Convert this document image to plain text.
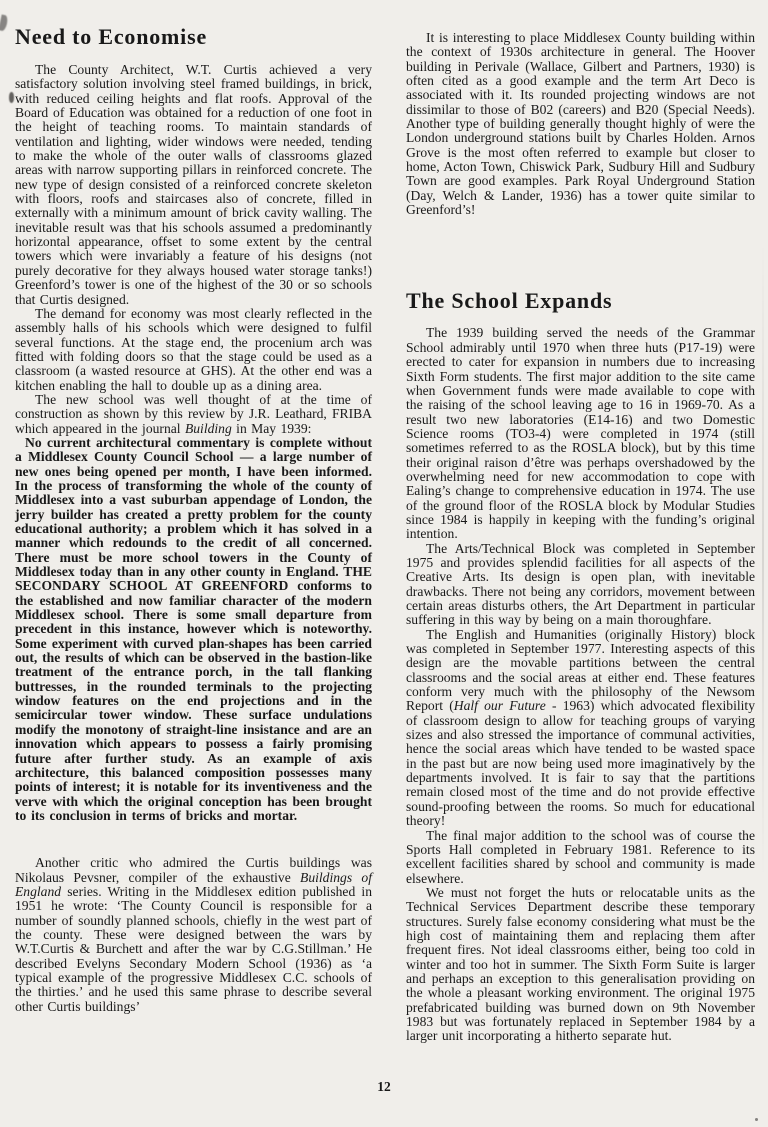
Need to Economise

The County Architect, W.T. Curtis achieved a very satisfactory solution involving steel framed buildings, in brick, with reduced ceiling heights and flat roofs. Approval of the Board of Education was obtained for a reduction of one foot in the height of teaching rooms. To maintain standards of ventilation and lighting, wider windows were needed, tending to make the whole of the outer walls of classrooms glazed areas with narrow supporting pillars in reinforced concrete. The new type of design consisted of a reinforced concrete skeleton with floors, roofs and staircases also of concrete, filled in externally with a minimum amount of brick cavity walling. The inevitable result was that his schools assumed a predominantly horizontal appearance, offset to some extent by the central towers which were invariably a feature of his designs (not purely decorative for they always housed water storage tanks!) Greenford’s tower is one of the highest of the 30 or so schools that Curtis designed.

The demand for economy was most clearly reflected in the assembly halls of his schools which were designed to fulfil several functions. At the stage end, the procenium arch was fitted with folding doors so that the stage could be used as a classroom (a wasted resource at GHS). At the other end was a kitchen enabling the hall to double up as a dining area.

The new school was well thought of at the time of construction as shown by this review by J.R. Leathard, FRIBA which appeared in the journal Building in May 1939:

No current architectural commentary is complete without a Middlesex County Council School — a large number of new ones being opened per month, I have been informed. In the process of transforming the whole of the county of Middlesex into a vast suburban appendage of London, the jerry builder has created a pretty problem for the county educational authority; a problem which it has solved in a manner which redounds to the credit of all concerned. There must be more school towers in the County of Middlesex today than in any other county in England. THE SECONDARY SCHOOL AT GREENFORD conforms to the established and now familiar character of the modern Middlesex school. There is some small departure from precedent in this instance, however which is noteworthy. Some experiment with curved plan-shapes has been carried out, the results of which can be observed in the bastion-like treatment of the entrance porch, in the tall flanking buttresses, in the rounded terminals to the projecting window features on the end projections and in the semicircular tower window. These surface undulations modify the monotony of straight-line insistance and are an innovation which appears to possess a fairly promising future after further study. As an example of axis architecture, this balanced composition possesses many points of interest; it is notable for its inventiveness and the verve with which the original conception has been brought to its conclusion in terms of bricks and mortar.

Another critic who admired the Curtis buildings was Nikolaus Pevsner, compiler of the exhaustive Buildings of England series. Writing in the Middlesex edition published in 1951 he wrote: ‘The County Council is responsible for a number of soundly planned schools, chiefly in the west part of the county. These were designed between the wars by W.T.Curtis & Burchett and after the war by C.G.Stillman.’ He described Evelyns Secondary Modern School (1936) as ‘a typical example of the progressive Middlesex C.C. schools of the thirties.’ and he used this same phrase to describe several other Curtis buildings’

It is interesting to place Middlesex County building within the context of 1930s architecture in general. The Hoover building in Perivale (Wallace, Gilbert and Partners, 1930) is often cited as a good example and the term Art Deco is associated with it. Its rounded projecting windows are not dissimilar to those of B02 (careers) and B20 (Special Needs). Another type of building generally thought highly of were the London underground stations built by Charles Holden. Arnos Grove is the most often referred to example but closer to home, Acton Town, Chiswick Park, Sudbury Hill and Sudbury Town are good examples. Park Royal Underground Station (Day, Welch & Lander, 1936) has a tower quite similar to Greenford’s!

The School Expands

The 1939 building served the needs of the Grammar School admirably until 1970 when three huts (P17-19) were erected to cater for expansion in numbers due to increasing Sixth Form students. The first major addition to the site came when Government funds were made available to cope with the raising of the school leaving age to 16 in 1969-70. As a result two new laboratories (E14-16) and two Domestic Science rooms (TO3-4) were completed in 1974 (still sometimes referred to as the ROSLA block), but by this time their original raison d’être was perhaps overshadowed by the overwhelming need for new accommodation to cope with Ealing’s change to comprehensive education in 1974. The use of the ground floor of the ROSLA block by Modular Studies since 1984 is happily in keeping with the funding’s original intention.

The Arts/Technical Block was completed in September 1975 and provides splendid facilities for all aspects of the Creative Arts. Its design is open plan, with inevitable drawbacks. There not being any corridors, movement between certain areas disturbs others, the Art Department in particular suffering in this way by being on a main thoroughfare.

The English and Humanities (originally History) block was completed in September 1977. Interesting aspects of this design are the movable partitions between the central classrooms and the social areas at either end. These features conform very much with the philosophy of the Newsom Report (Half our Future - 1963) which advocated flexibility of classroom design to allow for teaching groups of varying sizes and also stressed the importance of communal activities, hence the social areas which have tended to be wasted space in the past but are now being used more imaginatively by the departments involved. It is fair to say that the partitions remain closed most of the time and do not provide effective sound-proofing between the rooms. So much for educational theory!

The final major addition to the school was of course the Sports Hall completed in February 1981. Reference to its excellent facilities shared by school and community is made elsewhere.

We must not forget the huts or relocatable units as the Technical Services Department describe these temporary structures. Surely false economy considering what must be the high cost of maintaining them and replacing them after frequent fires. Not ideal classrooms either, being too cold in winter and too hot in summer. The Sixth Form Suite is larger and perhaps an exception to this generalisation providing on the whole a pleasant working environment. The original 1975 prefabricated building was burned down on 9th November 1983 but was fortunately replaced in September 1984 by a larger unit incorporating a hitherto separate hut.

12
